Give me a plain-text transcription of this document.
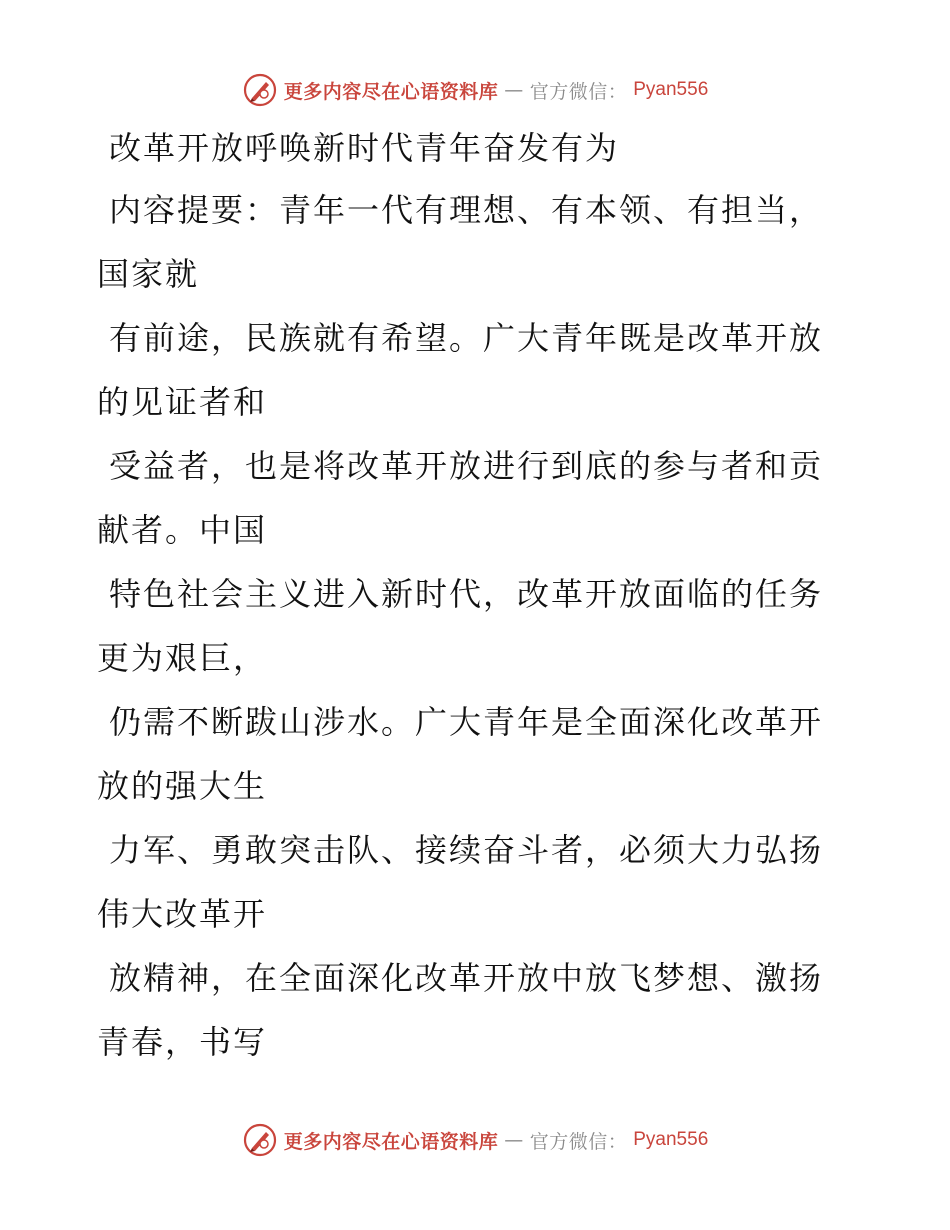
更多内容尽在心语资料库 — 官方微信： Pyan556
改革开放呼唤新时代青年奋发有为
内容提要：青年一代有理想、有本领、有担当，
国家就
有前途，民族就有希望。广大青年既是改革开放
的见证者和
受益者，也是将改革开放进行到底的参与者和贡
献者。中国
特色社会主义进入新时代，改革开放面临的任务
更为艰巨，
仍需不断跋山涉水。广大青年是全面深化改革开
放的强大生
力军、勇敢突击队、接续奋斗者，必须大力弘扬
伟大改革开
放精神，在全面深化改革开放中放飞梦想、激扬
青春，书写
更多内容尽在心语资料库 — 官方微信： Pyan556
